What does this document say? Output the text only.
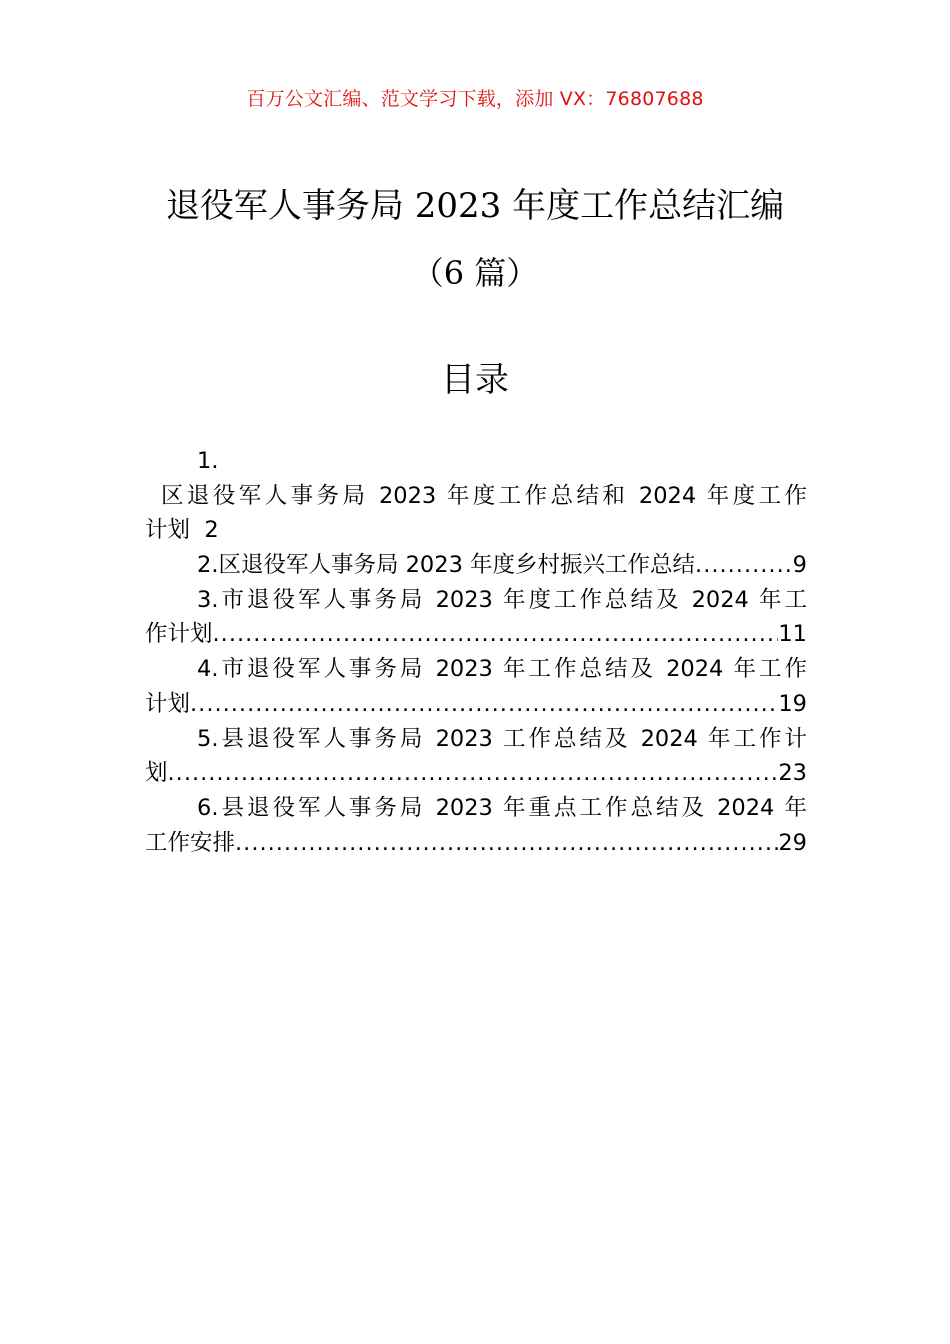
百万公文汇编、范文学习下载，添加 VX：76807688
退役军人事务局 2023 年度工作总结汇编
（6 篇）
目录
1.
区退役军人事务局 2023 年度工作总结和 2024 年度工作
计划 2
2.区退役军人事务局 2023 年度乡村振兴工作总结 .....	9
3.市退役军人事务局 2023 年度工作总结及 2024 年工
作计划 .....	11
4.市退役军人事务局 2023 年工作总结及 2024 年工作
计划 .....	19
5.县退役军人事务局 2023 工作总结及 2024 年工作计
划 .....	23
6.县退役军人事务局 2023 年重点工作总结及 2024 年
工作安排 .....	29
